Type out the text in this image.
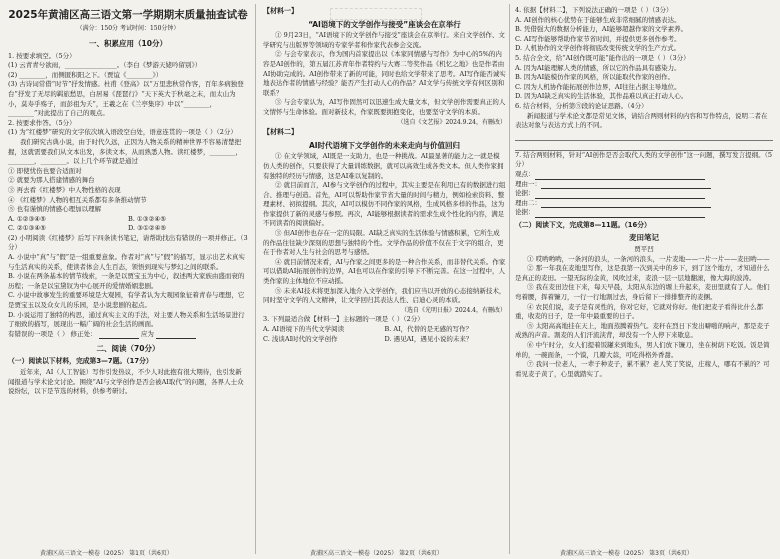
2025年黄浦区高三语文第一学期期末质量抽查试卷
（满分：150分 考试时间：150分钟）
一、积累应用（10分）

1. 按要求填空。（5分）

(1) 云青青兮欲雨，________________。（李白《梦游天姥吟留别》）

(2) ________，而侧匿积阳之下。（贾谊《________》）

(3) 古诗词常借“时节”抒发情感。杜甫《登高》以“万里悲秋常作客，百年多病独登台”抒发了无尽的羁旅愁思，白居易《琵琶行》“天下英大于秋毫之末，而太山为小，莫寿乎殇子，而彭祖为夭”，王羲之在《兰亭集序》中以“________，________”对此提出了自己的观点。

2. 按要求作答。（5分）

(1) 为“红楼梦”研究的文字依次填入语段空白处，语意连贯的一项是（ ）（2分）

我们研究古典小说，由于时代久远，正因为人物关系的精神世界不容易清楚把握，这就需要我们从文本出发，多读文本，从而熟悉人物。读红楼梦，________，________，________。以上几个环节就是通过

① 即使忧伤也要合适面对

② 就要为那人搭建情感的舞台

③ 再去看《红楼梦》中人物性格的表现

④ 《红楼梦》人物的相互关系都有多条推动情节

⑤ 也有谨慎的情感心理加以理解

A. ①②③④⑤	B. ①③②④⑤
C. ②①③④⑤	D. ③①②④⑤

(2) 小明阅读《红楼梦》后写下四条读书笔记，请帮助找出有错误的一项并修正。（3分）

A. 小说中“真”与“假”是一组重要意象。作者对“真”与“假”的描写，显示出艺术真实与生活真实的关系，使读者体会人生百态，领悟到现实与梦幻之间的联系。

B. 小说在两条基本的情节线索，一条是以贾宝玉为中心，叙述两大家族由盛而衰的历程；一条是以宝黛钗为中心展开的爱情婚姻悲剧。

C. 小说中故事发生的重要环境是大观园，有学者认为大观园象征着青春与理想，它是贾宝玉以及众女儿的乐园，是小说悲剧的起点。

D. 小说运用了独特的构思，通过真实主义的手法，对主要人物关系和生活场景进行了细致的描写，展现出一幅广阔的社会生活的画面。

有错误的一项是（ ） 修正处：	应为

二、阅读（70分）
（一）阅读以下材料，完成第3—7题。（17分）

近年来，AI（人工智能）写作引发热议，不少人对此抱有很大期待，也引发新闻报道与学术论文讨论。围绕“AI与文学创作是否会被AI取代”的问题，各界人士众说纷纭，以下是节选的材料，供参考研讨。

黄浦区高三语文一模卷（2025） 第1页（共6页）
【材料一】
“AI语境下的文学创作与接受”座谈会在京举行

① 9月23日，“AI语境下的文学创作与接受”座谈会在京举行。来自文学创作、文学研究与出版界等领域的专家学者和作家代表参会交流。

② 与会专家表示，作为国内首家提出以《本家同情感与写作》为中心的5%的内容是AI创作的，第五届江苏青年作者特约与大赛二等奖作品《机忆之地》也是作者由AI协助完成的。AI创作带来了新的可能，同时也给文学带来了思考。AI写作能否诚实地表达作者的情感与经验？能否产生打动人心的作品？AI文学与传统文学有何区别和联系？

③ 与会专家认为，AI写作固然可以迅速生成大量文本，但文学创作需要真正的人文情怀与生命体验。面对新技术，作家既要拥抱变化，也要坚守文学的本质。

（选自《文艺报》2024.9.24，有删改）
【材料二】
AI时代语境下文学创作的未来走向与价值回归

① 在文学领域，AI既是一支助力，也是一种挑战。AI最显著的能力之一就是模仿人类的创作，只要获得了大量训练数据，就可以高效生成各类文本。但人类作家拥有独特的经历与情感，这是AI难以复制的。

② 就目前而言，AI参与文学创作的过程中，其实主要是在利用已有的数据进行组合、推理与创造。首先，AI可以帮助作家节省大量的时间与精力，例如检索资料、整理素材、初拟提纲。其次，AI可以模仿不同作家的风格，生成风格多样的作品，这为作家提供了新的灵感与参照。再次，AI能够根据读者的需求生成个性化的内容，满足不同读者的阅读偏好。

③ 但AI创作也存在一定的局限。AI缺乏真实的生活体验与情感积累，它所生成的作品往往缺少深刻的思想与独特的个性。文学作品的价值不仅在于文字的组合，更在于作者对人生与社会的思考与感悟。

④ 就目前情况来看，AI与作家之间更多的是一种合作关系，而非替代关系。作家可以借助AI拓展创作的边界，AI也可以在作家的引导下不断完善。在这一过程中，人类作家的主体地位不应动摇。

⑤ 未来AI技术将更加深入地介入文学创作，我们应当以开放的心态接纳新技术，同时坚守文学的人文精神，让文学回归其表达人性、启迪心灵的本质。

（选自《光明日报》2024.4，有删改）

3. 下列最适合做【材料一】主标题的一项是（ ）（2分）

A. AI语境下的当代文学阅读	B. AI，代替的是无感的写作？
C. 浅谈AI时代的文学创作	D. 遇见AI，遇见小说的未来？
黄浦区高三语文一模卷（2025） 第2页（共6页）

4. 依据【材料二】，下列说法正确的一项是（ ）（3分）

A. AI创作的核心优势在于能够生成非常细腻的情感表达。

B. 凭借强大的数据分析能力，AI能够超越作家的文学素养。

C. AI写作能够帮助作家节省时间，并提供更多创作参考。

D. 人机协作的文学创作将彻底改变传统文学的生产方式。

5. 结合全文，给“AI创作既可能”能作出的一项是（ ）（3分）

A. 因为AI能理解人类的情感，所以它的作品具有感染力。

B. 因为AI能模仿作家的风格，所以能取代作家的创作。

C. 因为人机协作能拓展创作边界，AI往往占据主导地位。

D. 因为AI缺乏真实的生活体验，其作品难以真正打动人心。

6. 结合材料，分析第⑤段的论证思路。（4分）

新闻报道与学术论文都是常见文体，请结合两则材料的内容和写作特点，说明二者在表达对象与表达方式上的不同。

7. 结合两则材料，针对“AI创作是否会取代人类的文学创作”这一问题，撰写发言提纲。（5分）

观点：

理由一：

论据：

理由二：

论据：

（二）阅读下文，完成第8—11题。（16分）
麦田笔记
贾平凹

① 哎哟哟哟，一条河的浪头，一条河的浪头，一片麦地——一片一片——麦田哟——

② 那一年我在麦地里写作，这是我第一次到关中的乡下，到了这个地方，才知道什么是真正的麦田。一望无际的金黄，风吹过来，麦浪一层一层地翻滚，像大海的波涛。

③ 我在麦田边住下来，每天早晨，太阳从东边的塬上升起来，麦田里就有了人。他们弯着腰，挥着镰刀，一行一行地割过去，身后留下一排排整齐的麦捆。

④ 农民们说，麦子是有灵性的，你对它好，它就对你好。他们把麦子看得比什么都重，收麦的日子，是一年中最重要的日子。

⑤ 太阳高高地挂在天上，地面蒸腾着热气。麦秆在烈日下发出噼啪的响声，那是麦子成熟的声音。割麦的人们汗流浃背，却没有一个人停下来歇息。

⑥ 中午时分，女人们提着饭罐来到地头，男人们放下镰刀，坐在树荫下吃饭。饭是简单的，一碗面条，一个馍，几瓣大蒜，可吃得格外香甜。

⑦ 我问一位老人，一辈子种麦子，累不累？老人笑了笑说，庄稼人，哪有不累的？可看见麦子黄了，心里就踏实了。

黄浦区高三语文一模卷（2025） 第3页（共6页）
